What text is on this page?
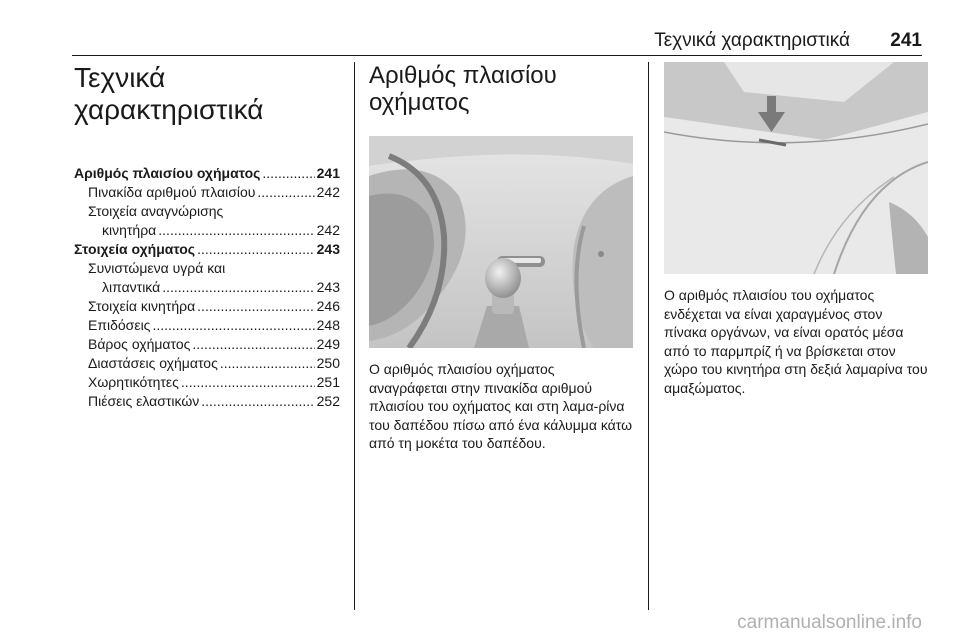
Τεχνικά χαρακτηριστικά 241
Τεχνικά χαρακτηριστικά
Αριθμός πλαισίου οχήματος .....	241
Πινακίδα αριθμού πλαισίου .....	242
Στοιχεία αναγνώρισης
κινητήρα .....	242
Στοιχεία οχήματος .....	243
Συνιστώμενα υγρά και
λιπαντικά .....	243
Στοιχεία κινητήρα .....	246
Επιδόσεις .....	248
Βάρος οχήματος .....	249
Διαστάσεις οχήματος .....	250
Χωρητικότητες .....	251
Πιέσεις ελαστικών .....	252
Αριθμός πλαισίου οχήματος

Ο αριθμός πλαισίου οχήματος αναγράφεται στην πινακίδα αριθμού πλαισίου του οχήματος και στη λαμα-ρίνα του δαπέδου πίσω από ένα κάλυμμα κάτω από τη μοκέτα του δαπέδου.

Ο αριθμός πλαισίου του οχήματος ενδέχεται να είναι χαραγμένος στον πίνακα οργάνων, να είναι ορατός μέσα από το παρμπρίζ ή να βρίσκεται στον χώρο του κινητήρα στη δεξιά λαμαρίνα του αμαξώματος.

carmanualsonline.info
